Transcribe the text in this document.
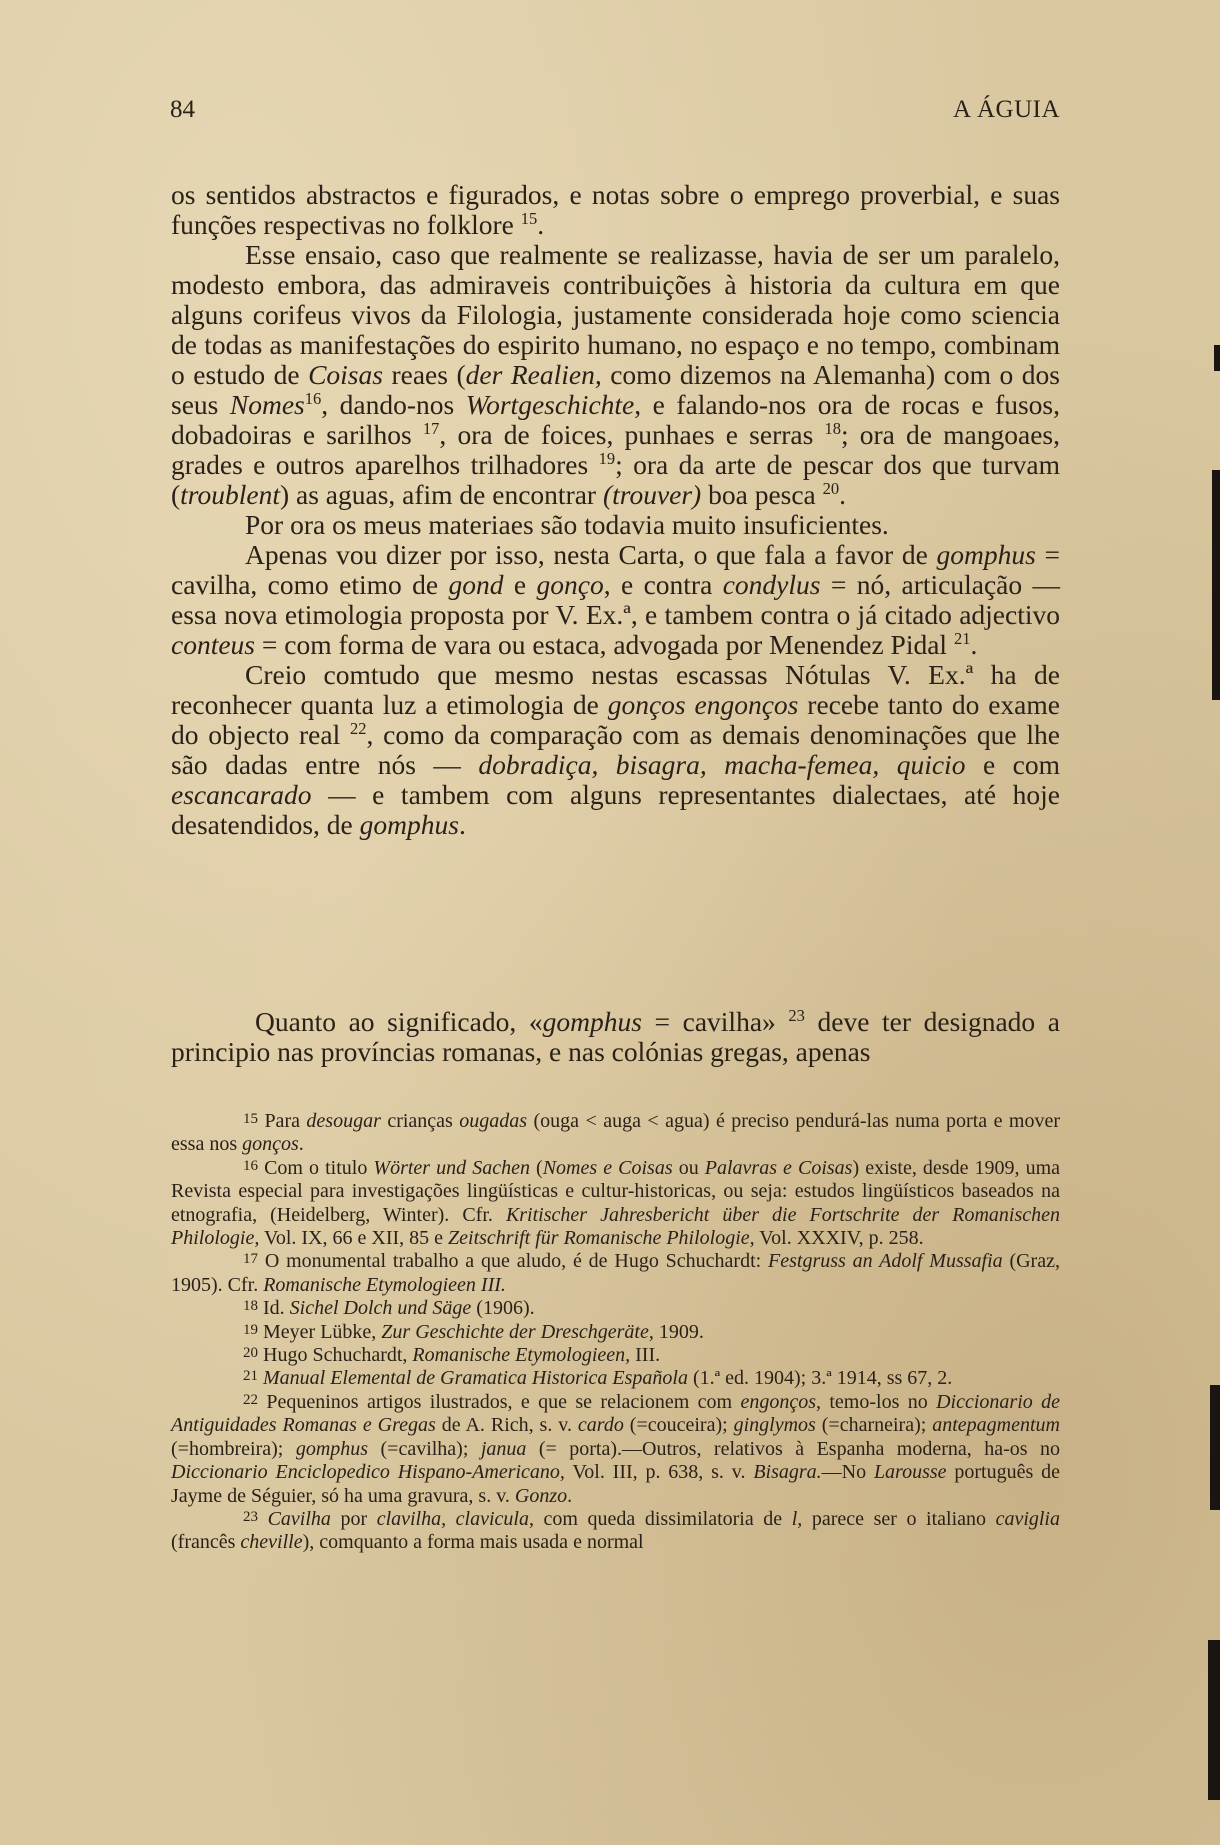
84	A ÁGUIA

os sentidos abstractos e figurados, e notas sobre o emprego proverbial, e suas funções respectivas no folklore $^{15}$.

Esse ensaio, caso que realmente se realizasse, havia de ser um paralelo, modesto embora, das admiraveis contribuições à historia da cultura em que alguns corifeus vivos da Filologia, justamente considerada hoje como sciencia de todas as manifestações do espirito humano, no espaço e no tempo, combinam o estudo de Coisas reaes (der Realien, como dizemos na Alemanha) com o dos seus Nomes$^{16}$, dando-nos Wortgeschichte, e falando-nos ora de rocas e fusos, dobadoiras e sarilhos $^{17}$, ora de foices, punhaes e serras $^{18}$; ora de mangoaes, grades e outros aparelhos trilhadores $^{19}$; ora da arte de pescar dos que turvam (troublent) as aguas, afim de encontrar (trouver) boa pesca $^{20}$.

Por ora os meus materiaes são todavia muito insuficientes.

Apenas vou dizer por isso, nesta Carta, o que fala a favor de gomphus = cavilha, como etimo de gond e gonço, e contra condylus = nó, articulação — essa nova etimologia proposta por V. Ex.ª, e tambem contra o já citado adjectivo conteus = com forma de vara ou estaca, advogada por Menendez Pidal $^{21}$.

Creio comtudo que mesmo nestas escassas Nótulas V. Ex.ª ha de reconhecer quanta luz a etimologia de gonços engonços recebe tanto do exame do objecto real $^{22}$, como da comparação com as demais denominações que lhe são dadas entre nós — dobradiça, bisagra, macha-femea, quicio e com escancarado — e tambem com alguns representantes dialectaes, até hoje desatendidos, de gomphus.

Quanto ao significado, «gomphus = cavilha» $^{23}$ deve ter designado a principio nas províncias romanas, e nas colónias gregas, apenas

$^{15}$ Para desougar crianças ougadas (ouga < auga < agua) é preciso pendurá-las numa porta e mover essa nos gonços.

$^{16}$ Com o titulo Wörter und Sachen (Nomes e Coisas ou Palavras e Coisas) existe, desde 1909, uma Revista especial para investigações lingüísticas e cultur-historicas, ou seja: estudos lingüísticos baseados na etnografia, (Heidelberg, Winter). Cfr. Kritischer Jahresbericht über die Fortschrite der Romanischen Philologie, Vol. IX, 66 e XII, 85 e Zeitschrift für Romanische Philologie, Vol. XXXIV, p. 258.

$^{17}$ O monumental trabalho a que aludo, é de Hugo Schuchardt: Festgruss an Adolf Mussafia (Graz, 1905). Cfr. Romanische Etymologieen III.

$^{18}$ Id. Sichel Dolch und Säge (1906).

$^{19}$ Meyer Lübke, Zur Geschichte der Dreschgeräte, 1909.

$^{20}$ Hugo Schuchardt, Romanische Etymologieen, III.

$^{21}$ Manual Elemental de Gramatica Historica Española (1.ª ed. 1904); 3.ª 1914, ss 67, 2.

$^{22}$ Pequeninos artigos ilustrados, e que se relacionem com engonços, temo-los no Diccionario de Antiguidades Romanas e Gregas de A. Rich, s. v. cardo (=couceira); ginglymos (=charneira); antepagmentum (=hombreira); gomphus (=cavilha); janua (= porta).—Outros, relativos à Espanha moderna, ha-os no Diccionario Enciclopedico Hispano-Americano, Vol. III, p. 638, s. v. Bisagra.—No Larousse português de Jayme de Séguier, só ha uma gravura, s. v. Gonzo.

$^{23}$ Cavilha por clavilha, clavicula, com queda dissimilatoria de l, parece ser o italiano caviglia (francês cheville), comquanto a forma mais usada e normal
